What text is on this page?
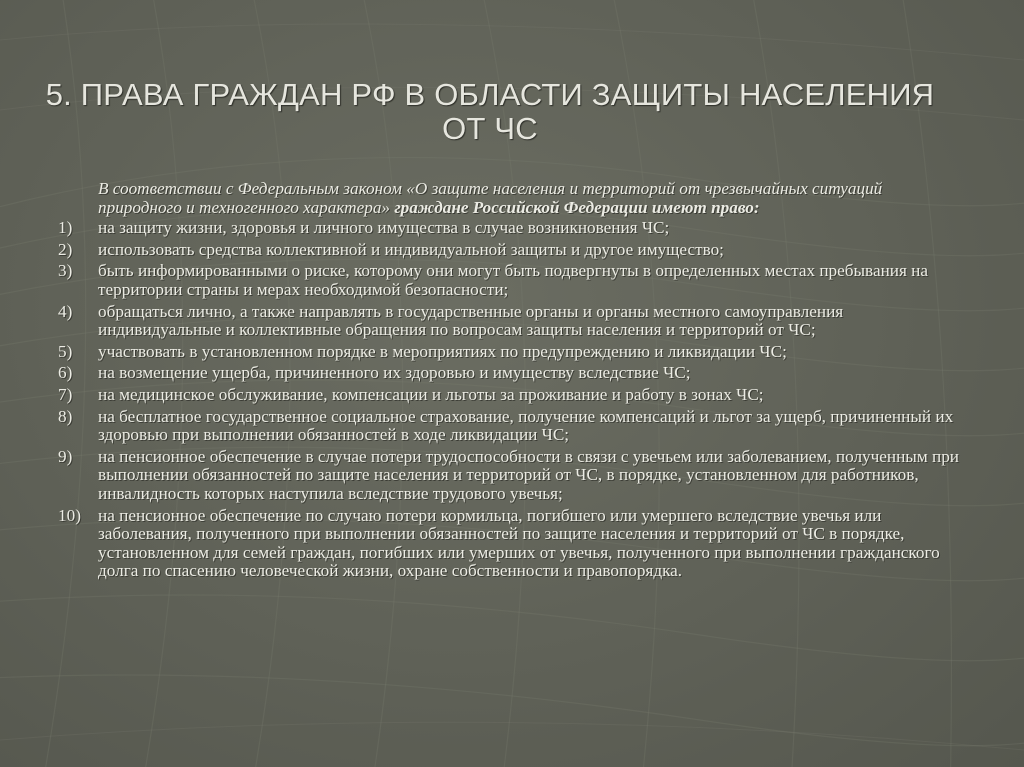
5. ПРАВА ГРАЖДАН РФ В ОБЛАСТИ ЗАЩИТЫ НАСЕЛЕНИЯ ОТ ЧС
В соответствии с Федеральным законом «О защите населения и территорий от чрезвычайных ситуаций природного и техногенного характера» граждане Российской Федерации имеют право:
1)	на защиту жизни, здоровья и личного имущества в случае возникновения ЧС;
2)	использовать средства коллективной и индивидуальной защиты и другое имущество;
3)	быть информированными о риске, которому они могут быть подвергнуты в определенных местах пребывания на территории страны и мерах необходимой безопасности;
4)	обращаться лично, а также направлять в государственные органы и органы местного самоуправления индивидуальные и коллективные обращения по вопросам защиты населения и территорий от ЧС;
5)	участвовать в установленном порядке в мероприятиях по предупреждению и ликвидации ЧС;
6)	на возмещение ущерба, причиненного их здоровью и имуществу вследствие ЧС;
7)	на медицинское обслуживание, компенсации и льготы за проживание и работу в зонах ЧС;
8)	на бесплатное государственное социальное страхование, получение компенсаций и льгот за ущерб, причиненный их здоровью при выполнении обязанностей в ходе ликвидации ЧС;
9)	на пенсионное обеспечение в случае потери трудоспособности в связи с увечьем или заболеванием, полученным при выполнении обязанностей по защите населения и территорий от ЧС, в порядке, установленном для работников, инвалидность которых наступила вследствие трудового увечья;
10) на пенсионное обеспечение по случаю потери кормильца, погибшего или умершего вследствие увечья или заболевания, полученного при выполнении обязанностей по защите населения и территорий от ЧС в порядке, установленном для семей граждан, погибших или умерших от увечья, полученного при выполнении гражданского долга по спасению человеческой жизни, охране собственности и правопорядка.
